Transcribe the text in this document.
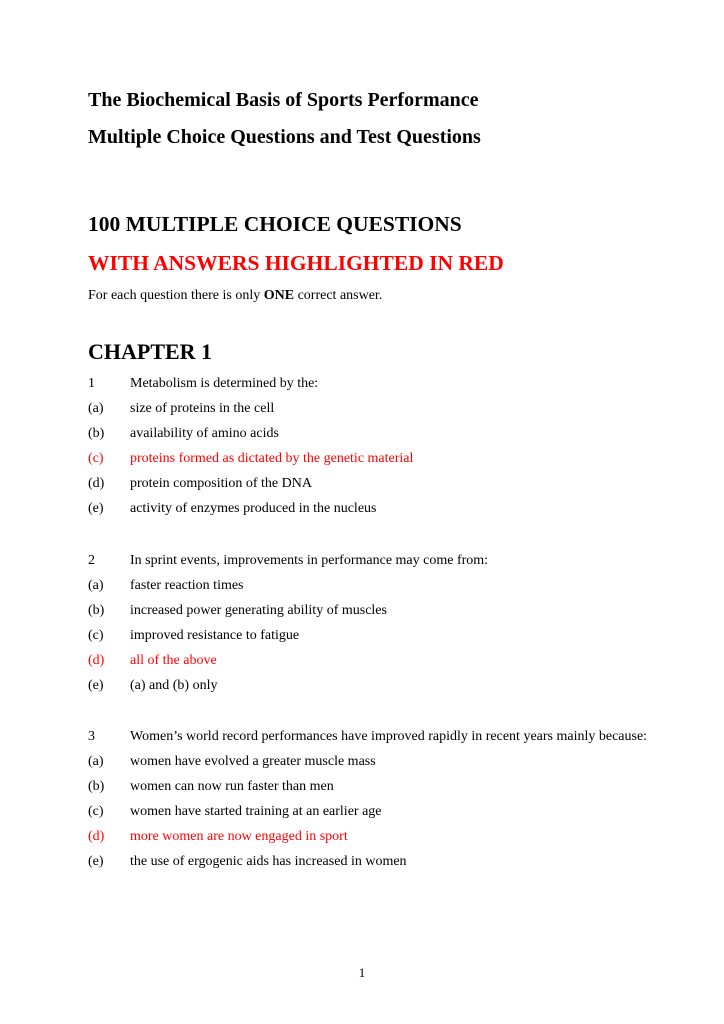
The Biochemical Basis of Sports Performance
Multiple Choice Questions and Test Questions
100 MULTIPLE CHOICE QUESTIONS
WITH ANSWERS HIGHLIGHTED IN RED
For each question there is only ONE correct answer.
CHAPTER 1
1	Metabolism is determined by the:
(a)	size of proteins in the cell
(b)	availability of amino acids
(c)	proteins formed as dictated by the genetic material
(d)	protein composition of the DNA
(e)	activity of enzymes produced in the nucleus
2	In sprint events, improvements in performance may come from:
(a)	faster reaction times
(b)	increased power generating ability of muscles
(c)	improved resistance to fatigue
(d)	all of the above
(e)	(a) and (b) only
3	Women’s world record performances have improved rapidly in recent years mainly because:
(a)	women have evolved a greater muscle mass
(b)	women can now run faster than men
(c)	women have started training at an earlier age
(d)	more women are now engaged in sport
(e)	the use of ergogenic aids has increased in women
1
